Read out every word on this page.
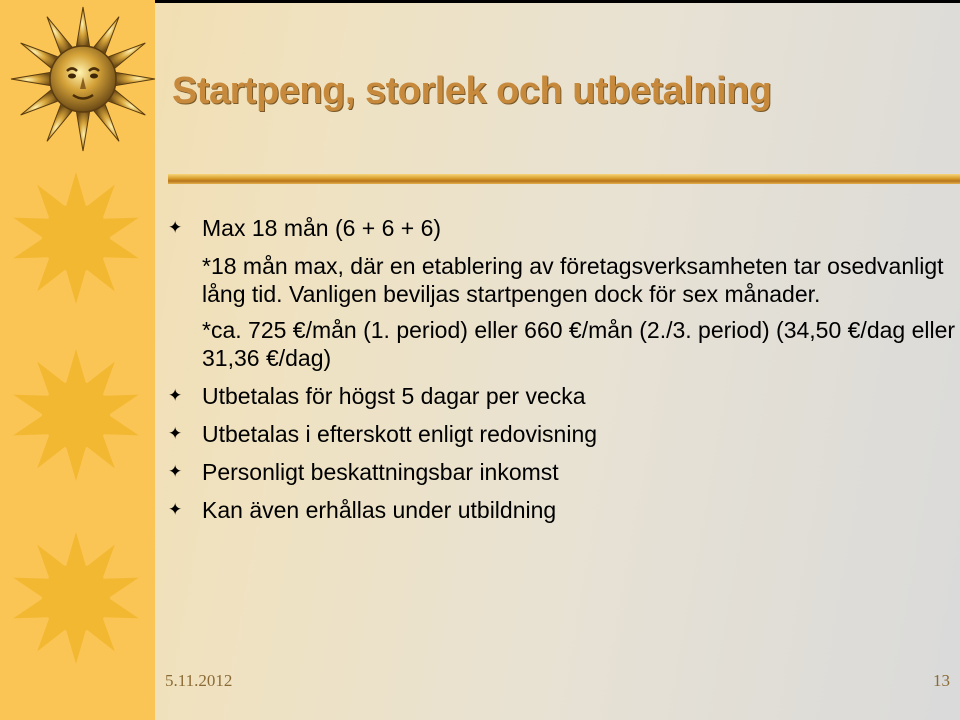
Startpeng, storlek och utbetalning
✦ Max 18 mån (6 + 6 + 6)
*18 mån max, där en etablering av företagsverksamheten tar osedvanligt lång tid. Vanligen beviljas startpengen dock för sex månader.
*ca. 725 €/mån (1. period) eller 660 €/mån (2./3. period) (34,50 €/dag eller 31,36 €/dag)
✦ Utbetalas för högst 5 dagar per vecka
✦ Utbetalas i efterskott enligt redovisning
✦ Personligt beskattningsbar inkomst
✦ Kan även erhållas under utbildning
5.11.2012	13
